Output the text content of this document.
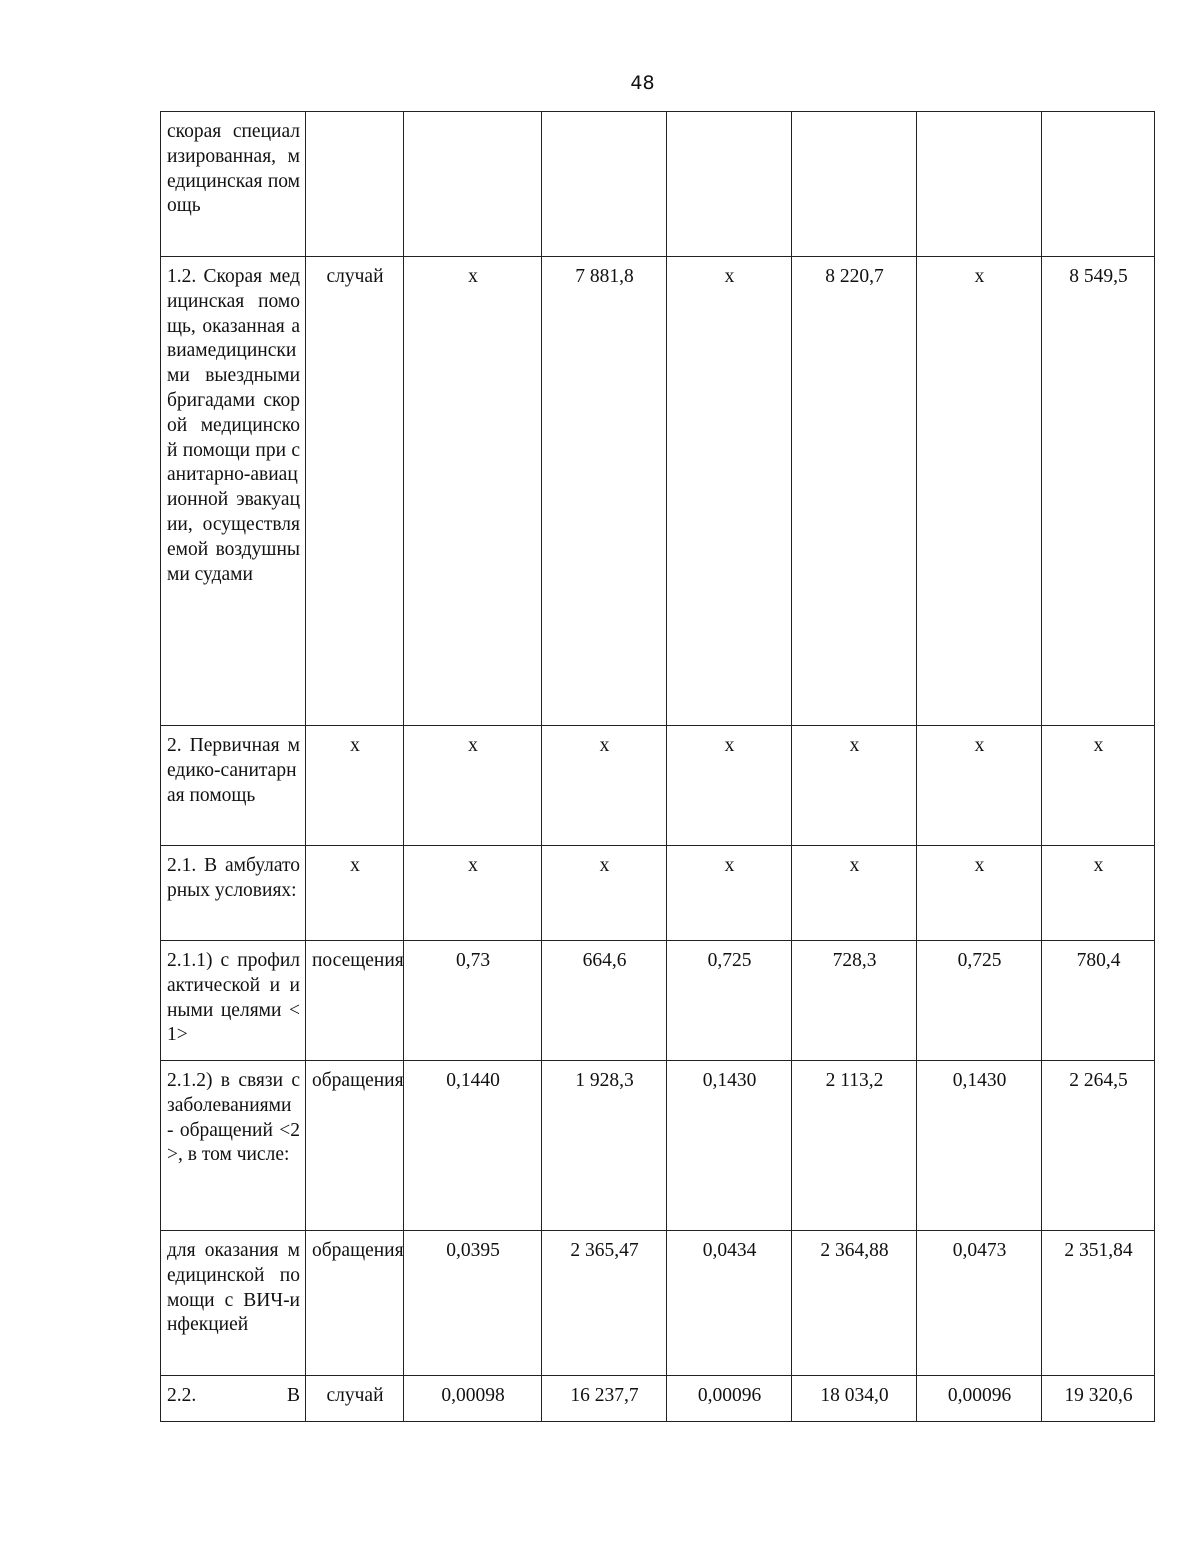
48
скорая специализированная, медицинская помощь							
1.2. Скорая медицинская помощь, оказанная авиамедицинскими выездными бригадами скорой медицинской помощи при санитарно-авиационной эвакуации, осуществляемой воздушными судами	случай	х	7 881,8	х	8 220,7	х	8 549,5
2. Первичная медико-санитарная помощь	х	х	х	х	х	х	х
2.1. В амбулаторных условиях:	х	х	х	х	х	х	х
2.1.1) с профилактической и иными целями <1>	посещения	0,73	664,6	0,725	728,3	0,725	780,4
2.1.2) в связи с заболеваниями - обращений <2>, в том числе:	обращения	0,1440	1 928,3	0,1430	2 113,2	0,1430	2 264,5
для оказания медицинской помощи с ВИЧ-инфекцией	обращения	0,0395	2 365,47	0,0434	2 364,88	0,0473	2 351,84
2.2. В	случай	0,00098	16 237,7	0,00096	18 034,0	0,00096	19 320,6
